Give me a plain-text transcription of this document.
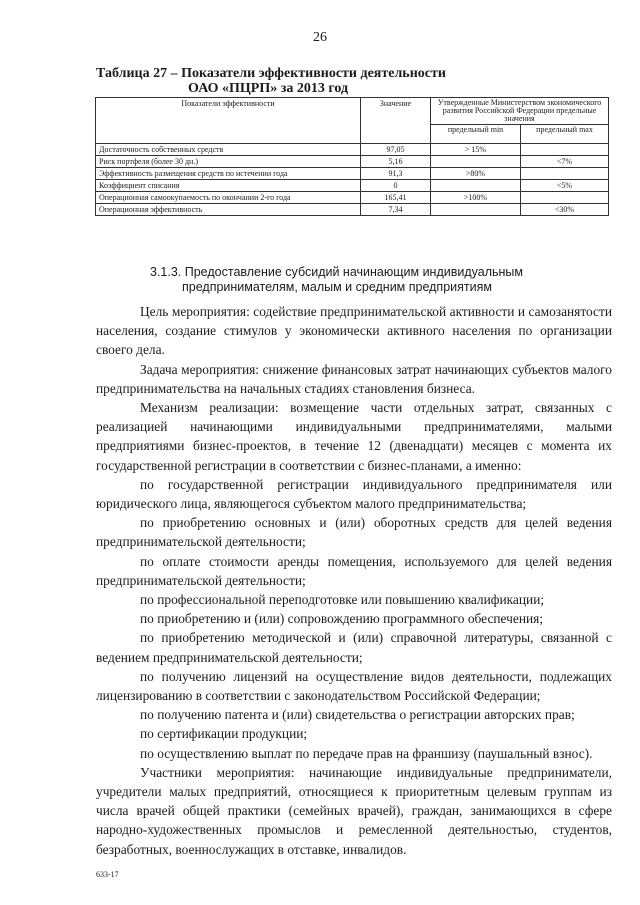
26
Таблица 27 – Показатели эффективности деятельности
ОАО «ПЦРП» за 2013 год
Показатели эффективности	Значение	Утвержденные Министерством экономического развития Российской Федерации предельные значения	
		предельный min	предельный max
Достаточность собственных средств	97,05	> 15%	
Риск портфеля (более 30 дн.)	5,16		<7%
Эффективность размещения средств по истечении года	91,3	>80%	
Коэффициент списания	0		<5%
Операционная самоокупаемость по окончании 2-го года	165,41	>100%	
Операционная эффективность	7,34		<30%
3.1.3. Предоставление субсидий начинающим индивидуальным
предпринимателям, малым и средним предприятиям

Цель мероприятия: содействие предпринимательской активности и самозанятости населения, создание стимулов у экономически активного населения по организации своего дела.

Задача мероприятия: снижение финансовых затрат начинающих субъектов малого предпринимательства на начальных стадиях становления бизнеса.

Механизм реализации: возмещение части отдельных затрат, связанных с реализацией начинающими индивидуальными предпринимателями, малыми предприятиями бизнес-проектов, в течение 12 (двенадцати) месяцев с момента их государственной регистрации в соответствии с бизнес-планами, а именно:

по государственной регистрации индивидуального предпринимателя или юридического лица, являющегося субъектом малого предпринимательства;

по приобретению основных и (или) оборотных средств для целей ведения предпринимательской деятельности;

по оплате стоимости аренды помещения, используемого для целей ведения предпринимательской деятельности;

по профессиональной переподготовке или повышению квалификации;

по приобретению и (или) сопровождению программного обеспечения;

по приобретению методической и (или) справочной литературы, связанной с ведением предпринимательской деятельности;

по получению лицензий на осуществление видов деятельности, подлежащих лицензированию в соответствии с законодательством Российской Федерации;

по получению патента и (или) свидетельства о регистрации авторских прав;

по сертификации продукции;

по осуществлению выплат по передаче прав на франшизу (паушальный взнос).

Участники мероприятия: начинающие индивидуальные предприниматели, учредители малых предприятий, относящиеся к приоритетным целевым группам из числа врачей общей практики (семейных врачей), граждан, занимающихся в сфере народно-художественных промыслов и ремесленной деятельностью, студентов, безработных, военнослужащих в отставке, инвалидов.

633-17
